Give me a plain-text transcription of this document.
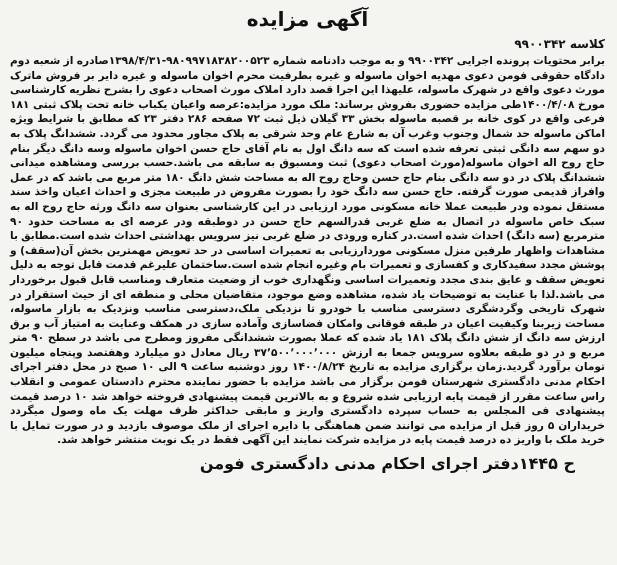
آگهی مزایده
کلاسه ۹۹۰۰۳۴۲
برابر محتویات پرونده اجرایی ۹۹۰۰۳۴۲ و به موجب دادنامه شماره ۹۸۰۹۹۷۱۸۳۸۲۰۰۵۲۳-۱۳۹۸/۴/۳۱صادره از شعبه دوم دادگاه حقوقی فومن دعوی مهدیه اخوان ماسوله و غیره بطرفیت محرم اخوان ماسوله و غیره دایر بر فروش ماترک مورث دعوی واقع در شهرک ماسوله، علیهذا این اجرا قصد دارد املاک مورث اصحاب دعوی را بشرح نظریه کارشناسی مورخ ۱۴۰۰/۴/۰۸طی مزایده حضوری بفروش برساند: ملک مورد مزایده:عرصه واعیان یکباب خانه تحت پلاک ثبتی ۱۸۱ فرعی واقع در کوی خانه بر قصبه ماسوله بخش ۳۳ گیلان ذیل ثبت ۷۲ صفحه ۲۸۶ دفتر ۲۳ که مطابق با شرایط ویژه اماکن ماسوله حد شمال وجنوب وغرب آن به شارع عام وحد شرقی به پلاک مجاور محدود می گردد. ششدانگ پلاک به دو سهم سه دانگی ثبتی تعرفه شده است که سه دانگ اول به نام آقای حاج حسن اخوان ماسوله وسه دانگ دیگر بنام حاج روح اله اخوان ماسوله(مورث اصحاب دعوی) ثبت ومسبوق به سابقه می باشد.حسب بررسی ومشاهده میدانی ششدانگ پلاک در دو سه دانگی بنام حاج حسن وحاج روح اله به مساحت شش دانگ ۱۸۰ متر مربع می باشد که در عمل وافراز قدیمی صورت گرفته. حاج حسن سه دانگ خود را بصورت مفروض در طبیعت مجزی و احداث اعیان واخذ سند مستقل نموده ودر طبیعت عملا خانه مسکونی مورد ارزیابی در این کارشناسی بعنوان سه دانگ ورثه حاج روح اله به سبک خاص ماسوله در اتصال به ضلع غربی قدرالسهم حاج حسن در دوطبقه ودر عرصه ای به مساحت حدود ۹۰ مترمربع (سه دانگ) احداث شده است.در کناره ورودی در ضلع غربی نیز سرویس بهداشتی احداث شده است.مطابق با مشاهدات واظهار طرفین منزل مسکونی موردارزیابی به تعمیرات اساسی در حد تعویض مهمترین بخش آن(سقف) و پوشش مجدد سفیدکاری و کفسازی و تعمیرات بام وغیره انجام شده است.ساختمان علیرغم قدمت قابل توجه به دلیل تعویض سقف و عایق بندی مجدد وتعمیرات اساسی ونگهداری خوب از وضعیت متعارف ومناسب قابل قبول برخوردار می باشد.لذا با عنایت به توضیحات یاد شده، مشاهده وضع موجود، متقاضیان محلی و منطقه ای از حیث استقرار در شهرک تاریخی وگردشگری دسترسی مناسب با خودرو تا نزدیکی ملک،دسترسی مناسب ونزدیک به بازار ماسوله، مساحت زیربنا وکیفیت اعیان در طبقه فوقانی وامکان فضاسازی وآماده سازی در همکف وعنایت به امتیاز آب و برق ارزش سه دانگ از شش دانگ پلاک ۱۸۱ یاد شده که عملا بصورت ششدانگی مفروز ومطرح می باشد در سطح ۹۰ متر مربع و در دو طبقه بعلاوه سرویس جمعا به ارزش ۳۷٬۵۰۰٬۰۰۰٬۰۰۰ ریال معادل دو میلیارد وهفتصد وپنجاه میلیون تومان برآورد گردید.زمان برگزاری مزایده به تاریخ ۱۴۰۰/۸/۲۴ روز دوشنبه ساعت ۹ الی ۱۰ صبح در محل دفتر اجرای احکام مدنی دادگستری شهرستان فومن برگزار می باشد مزایده با حضور نماینده محترم دادستان عمومی و انقلاب راس ساعت مقرر از قیمت پایه ارزیابی شده شروع و به بالاترین قیمت پیشنهادی فروخته خواهد شد ۱۰ درصد قیمت پیشنهادی فی المجلس به حساب سپرده دادگستری واریز و مابقی حداکثر ظرف مهلت یک ماه وصول میگردد خریداران ۵ روز قبل از مزایده می توانند ضمن هماهنگی با دایره اجرای از ملک موصوف بازدید و در صورت تمایل با خرید ملک با واریز ده درصد قیمت پایه در مزایده شرکت نمایند این آگهی فقط در یک نوبت منتشر خواهد شد.
ح ۱۴۴۵دفتر اجرای احکام مدنی دادگستری فومن
